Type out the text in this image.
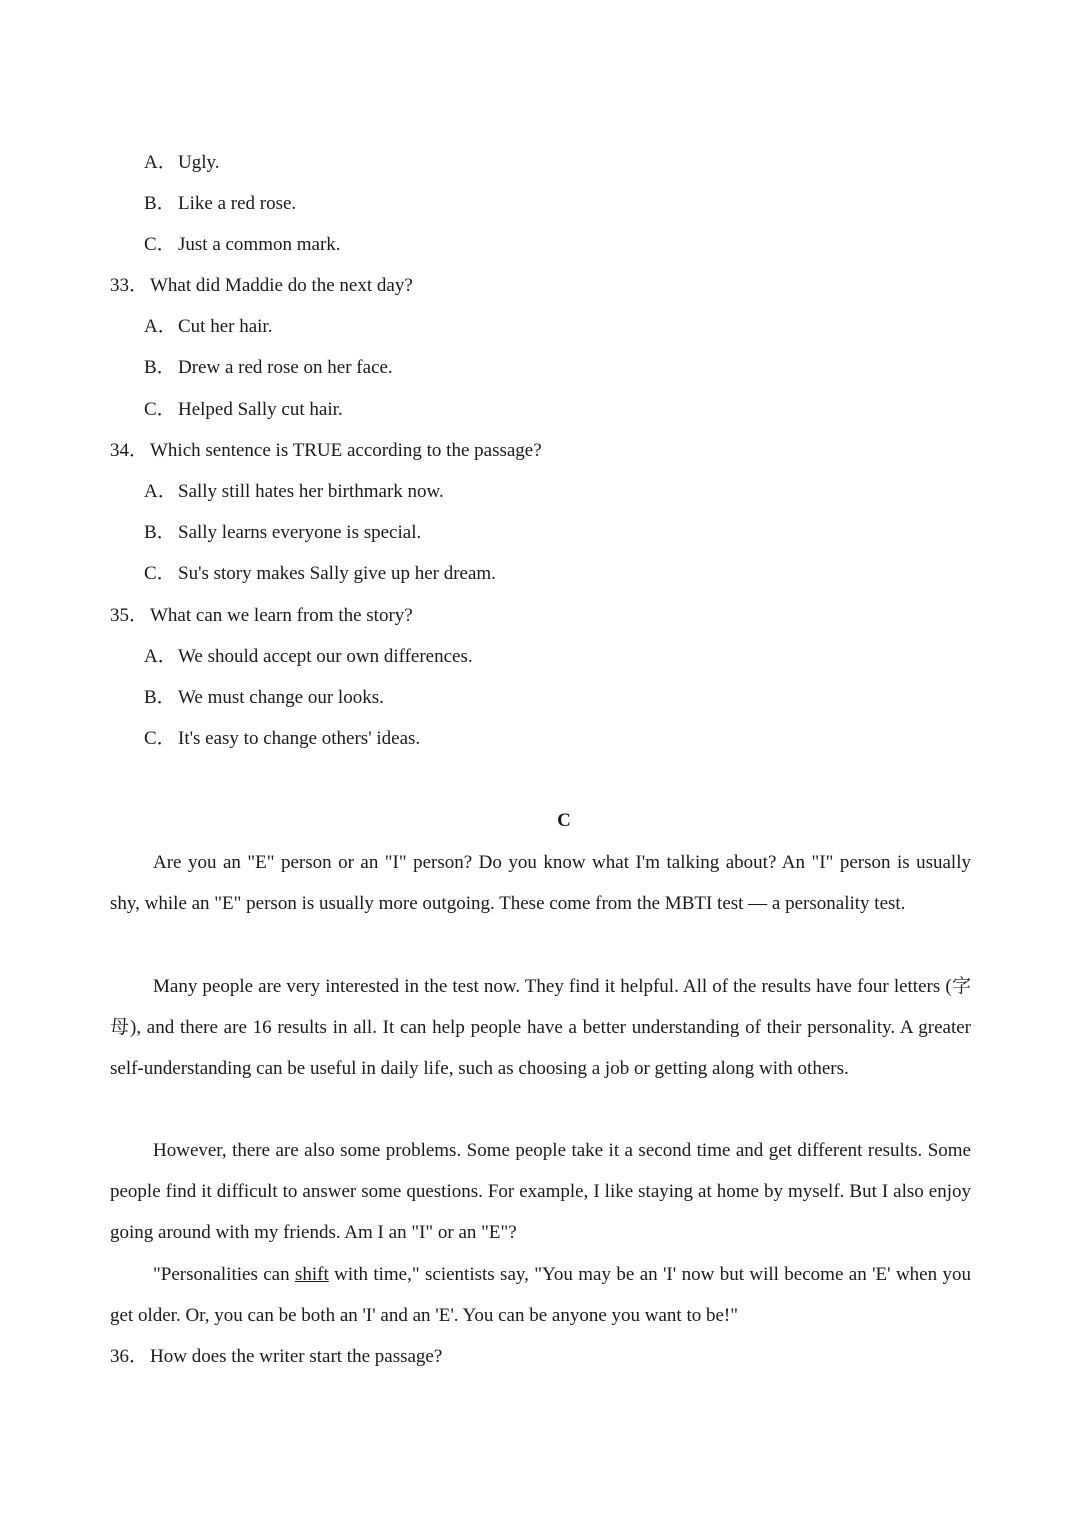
A．Ugly.
B． Like a red rose.
C． Just a common mark.
33． What did Maddie do the next day?
A．Cut her hair.
B． Drew a red rose on her face.
C． Helped Sally cut hair.
34． Which sentence is TRUE according to the passage?
A．Sally still hates her birthmark now.
B． Sally learns everyone is special.
C． Su's story makes Sally give up her dream.
35． What can we learn from the story?
A．We should accept our own differences.
B． We must change our looks.
C． It's easy to change others' ideas.
C

Are you an "E" person or an "I" person? Do you know what I'm talking about? An "I" person is usually shy, while an "E" person is usually more outgoing. These come from the MBTI test — a personality test.

Many people are very interested in the test now. They find it helpful. All of the results have four letters (字母), and there are 16 results in all. It can help people have a better understanding of their personality. A greater self-understanding can be useful in daily life, such as choosing a job or getting along with others.

However, there are also some problems. Some people take it a second time and get different results. Some people find it difficult to answer some questions. For example, I like staying at home by myself. But I also enjoy going around with my friends. Am I an "I" or an "E"?

"Personalities can shift with time," scientists say, "You may be an 'I' now but will become an 'E' when you get older. Or, you can be both an 'I' and an 'E'. You can be anyone you want to be!"

36． How does the writer start the passage?
